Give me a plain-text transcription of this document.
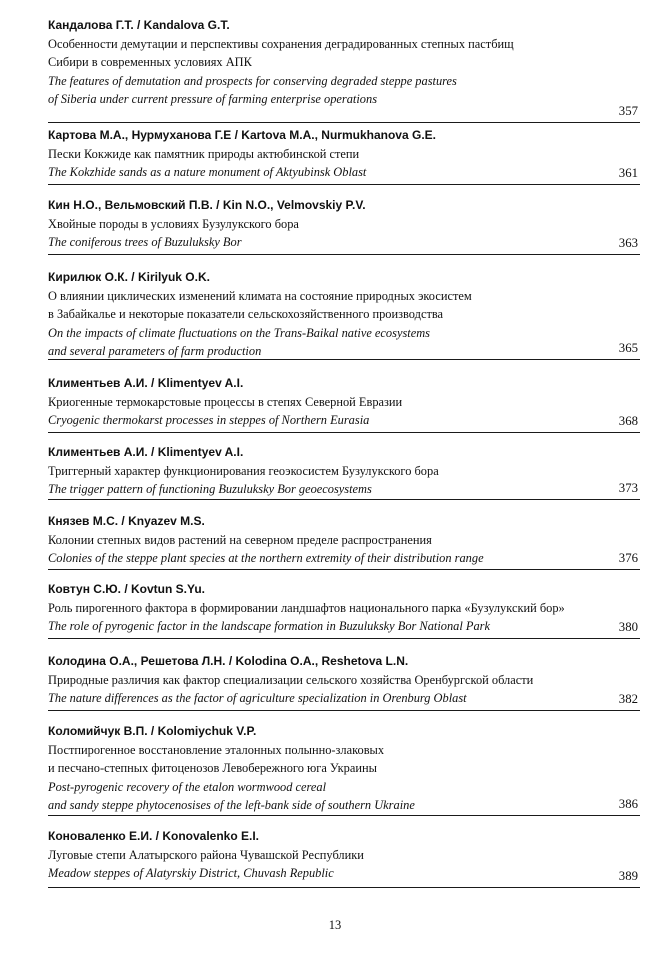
Кандалова Г.Т. / Kandalova G.T.
Особенности демутации и перспективы сохранения деградированных степных пастбищ
Сибири в современных условиях АПК
The features of demutation and prospects for conserving degraded steppe pastures
of Siberia under current pressure of farming enterprise operations
357
Картова М.А., Нурмуханова Г.Е / Kartova M.A., Nurmukhanova G.E.
Пески Кокжиде как памятник природы актюбинской степи
The Kokzhide sands as a nature monument of Aktyubinsk Oblast	361
Кин Н.О., Вельмовский П.В. / Kin N.O., Velmovskiy P.V.
Хвойные породы в условиях Бузулукского бора
The coniferous trees of Buzuluksky Bor	363
Кирилюк О.К. / Kirilyuk O.K.
О влиянии циклических изменений климата на состояние природных экосистем
в Забайкалье и некоторые показатели сельскохозяйственного производства
On the impacts of climate fluctuations on the Trans-Baikal native ecosystems
and several parameters of farm production	365
Климентьев А.И. / Klimentyev A.I.
Криогенные термокарстовые процессы в степях Северной Евразии
Cryogenic thermokarst processes in steppes of Northern Eurasia	368
Климентьев А.И. / Klimentyev A.I.
Триггерный характер функционирования геоэкосистем Бузулукского бора
The trigger pattern of functioning Buzuluksky Bor geoecosystems	373
Князев М.С. / Knyazev M.S.
Колонии степных видов растений на северном пределе распространения
Colonies of the steppe plant species at the northern extremity of their distribution range	376
Ковтун С.Ю. / Kovtun S.Yu.
Роль пирогенного фактора в формировании ландшафтов национального парка «Бузулукский бор»
The role of pyrogenic factor in the landscape formation in Buzuluksky Bor National Park	380
Колодина О.А., Решетова Л.Н. / Kolodina O.A., Reshetova L.N.
Природные различия как фактор специализации сельского хозяйства Оренбургской области
The nature differences as the factor of agriculture specialization in Orenburg Oblast	382
Коломийчук В.П. / Kolomiychuk V.P.
Постпирогенное восстановление эталонных полынно-злаковых
и песчано-степных фитоценозов Левобережного юга Украины
Post-pyrogenic recovery of the etalon wormwood cereal
and sandy steppe phytocenosises of the left-bank side of southern Ukraine	386
Коноваленко Е.И. / Konovalenko E.I.
Луговые степи Алатырского района Чувашской Республики
Meadow steppes of Alatyrskiy District, Chuvash Republic	389
13
